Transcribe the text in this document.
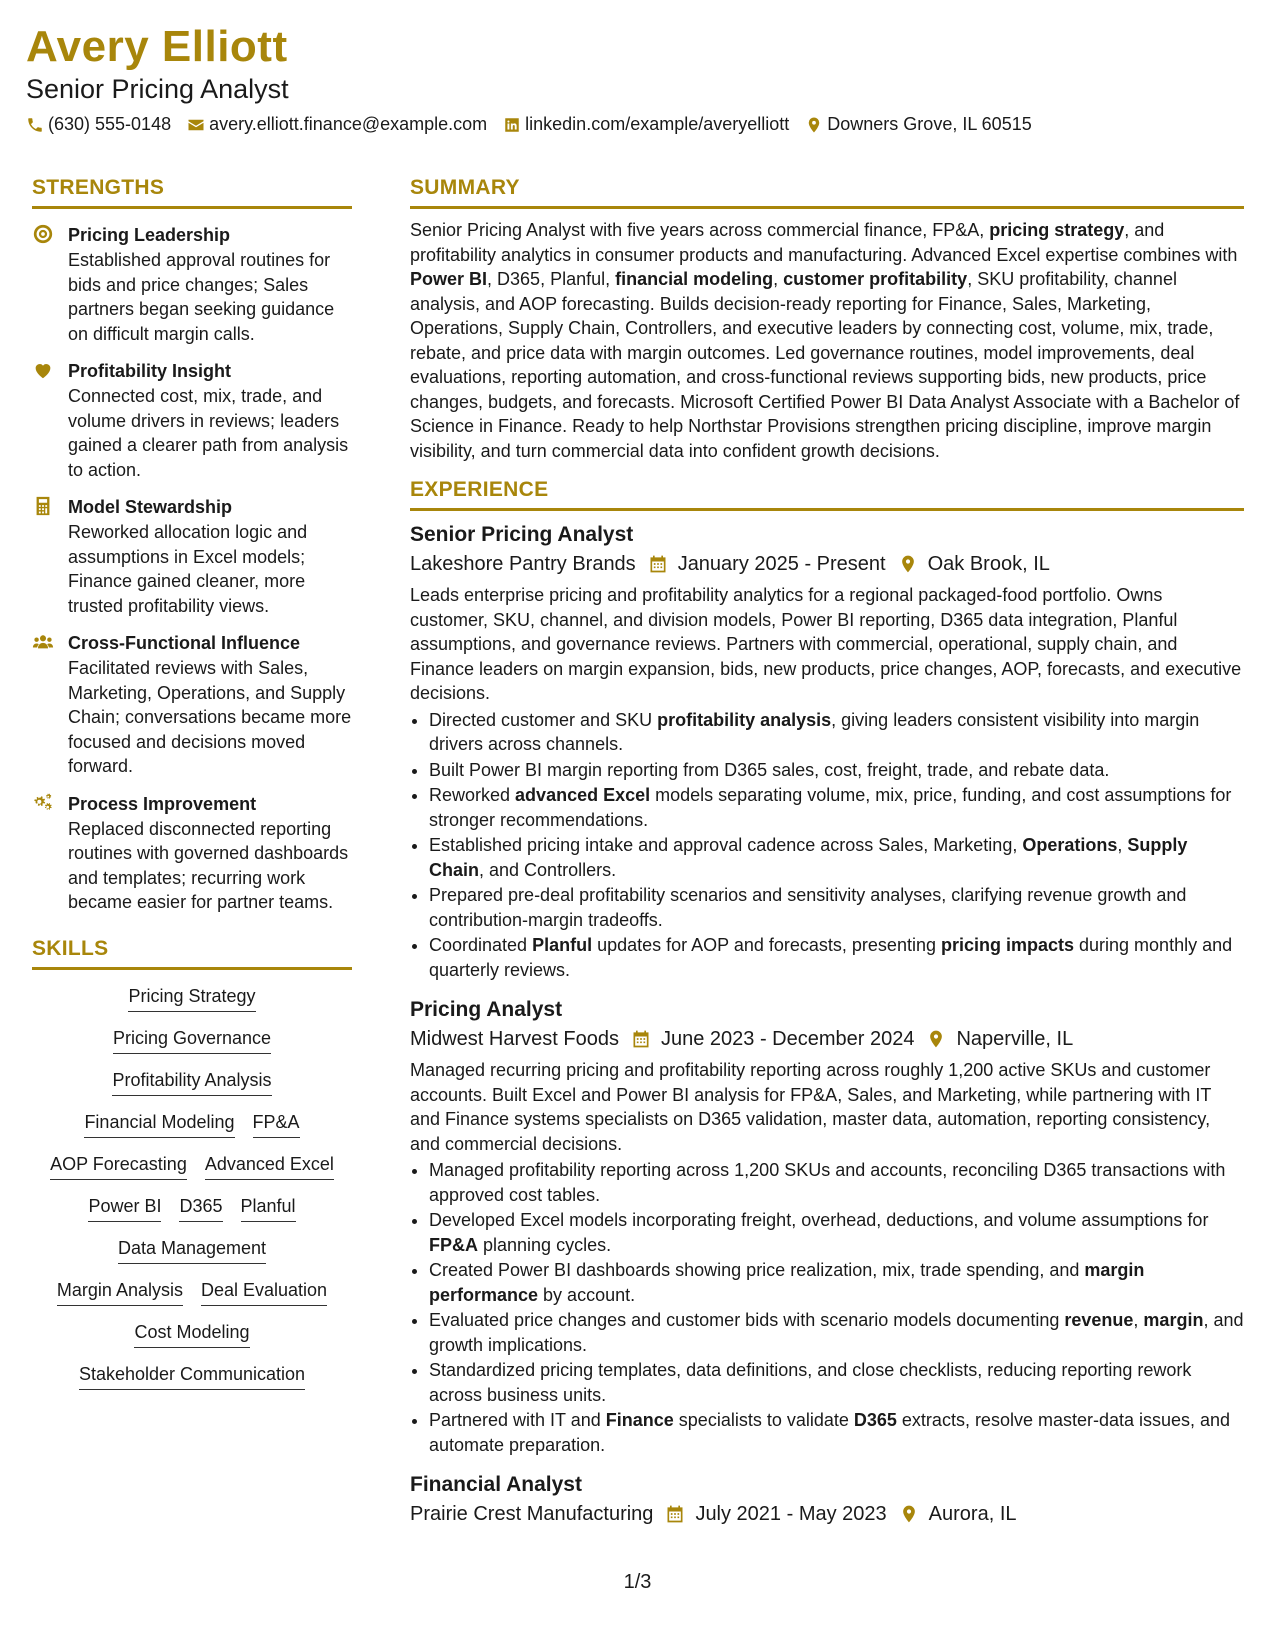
Avery Elliott
Senior Pricing Analyst
(630) 555-0148 avery.elliott.finance@example.com linkedin.com/example/averyelliott Downers Grove, IL 60515
STRENGTHS
Pricing Leadership
Established approval routines for bids and price changes; Sales partners began seeking guidance on difficult margin calls.
Profitability Insight
Connected cost, mix, trade, and volume drivers in reviews; leaders gained a clearer path from analysis to action.
Model Stewardship
Reworked allocation logic and assumptions in Excel models; Finance gained cleaner, more trusted profitability views.
Cross-Functional Influence
Facilitated reviews with Sales, Marketing, Operations, and Supply Chain; conversations became more focused and decisions moved forward.
Process Improvement
Replaced disconnected reporting routines with governed dashboards and templates; recurring work became easier for partner teams.
SKILLS
Pricing Strategy
Pricing Governance
Profitability Analysis
Financial Modeling FP&A
AOP Forecasting Advanced Excel
Power BI D365 Planful
Data Management
Margin Analysis Deal Evaluation
Cost Modeling
Stakeholder Communication
SUMMARY
Senior Pricing Analyst with five years across commercial finance, FP&A, pricing strategy, and profitability analytics in consumer products and manufacturing. Advanced Excel expertise combines with Power BI, D365, Planful, financial modeling, customer profitability, SKU profitability, channel analysis, and AOP forecasting. Builds decision-ready reporting for Finance, Sales, Marketing, Operations, Supply Chain, Controllers, and executive leaders by connecting cost, volume, mix, trade, rebate, and price data with margin outcomes. Led governance routines, model improvements, deal evaluations, reporting automation, and cross-functional reviews supporting bids, new products, price changes, budgets, and forecasts. Microsoft Certified Power BI Data Analyst Associate with a Bachelor of Science in Finance. Ready to help Northstar Provisions strengthen pricing discipline, improve margin visibility, and turn commercial data into confident growth decisions.
EXPERIENCE
Senior Pricing Analyst
Lakeshore Pantry Brands January 2025 - Present Oak Brook, IL
Leads enterprise pricing and profitability analytics for a regional packaged-food portfolio. Owns customer, SKU, channel, and division models, Power BI reporting, D365 data integration, Planful assumptions, and governance reviews. Partners with commercial, operational, supply chain, and Finance leaders on margin expansion, bids, new products, price changes, AOP, forecasts, and executive decisions.
• Directed customer and SKU profitability analysis, giving leaders consistent visibility into margin drivers across channels.
• Built Power BI margin reporting from D365 sales, cost, freight, trade, and rebate data.
• Reworked advanced Excel models separating volume, mix, price, funding, and cost assumptions for stronger recommendations.
• Established pricing intake and approval cadence across Sales, Marketing, Operations, Supply Chain, and Controllers.
• Prepared pre-deal profitability scenarios and sensitivity analyses, clarifying revenue growth and contribution-margin tradeoffs.
• Coordinated Planful updates for AOP and forecasts, presenting pricing impacts during monthly and quarterly reviews.
Pricing Analyst
Midwest Harvest Foods June 2023 - December 2024 Naperville, IL
Managed recurring pricing and profitability reporting across roughly 1,200 active SKUs and customer accounts. Built Excel and Power BI analysis for FP&A, Sales, and Marketing, while partnering with IT and Finance systems specialists on D365 validation, master data, automation, reporting consistency, and commercial decisions.
• Managed profitability reporting across 1,200 SKUs and accounts, reconciling D365 transactions with approved cost tables.
• Developed Excel models incorporating freight, overhead, deductions, and volume assumptions for FP&A planning cycles.
• Created Power BI dashboards showing price realization, mix, trade spending, and margin performance by account.
• Evaluated price changes and customer bids with scenario models documenting revenue, margin, and growth implications.
• Standardized pricing templates, data definitions, and close checklists, reducing reporting rework across business units.
• Partnered with IT and Finance specialists to validate D365 extracts, resolve master-data issues, and automate preparation.
Financial Analyst
Prairie Crest Manufacturing July 2021 - May 2023 Aurora, IL
1/3
